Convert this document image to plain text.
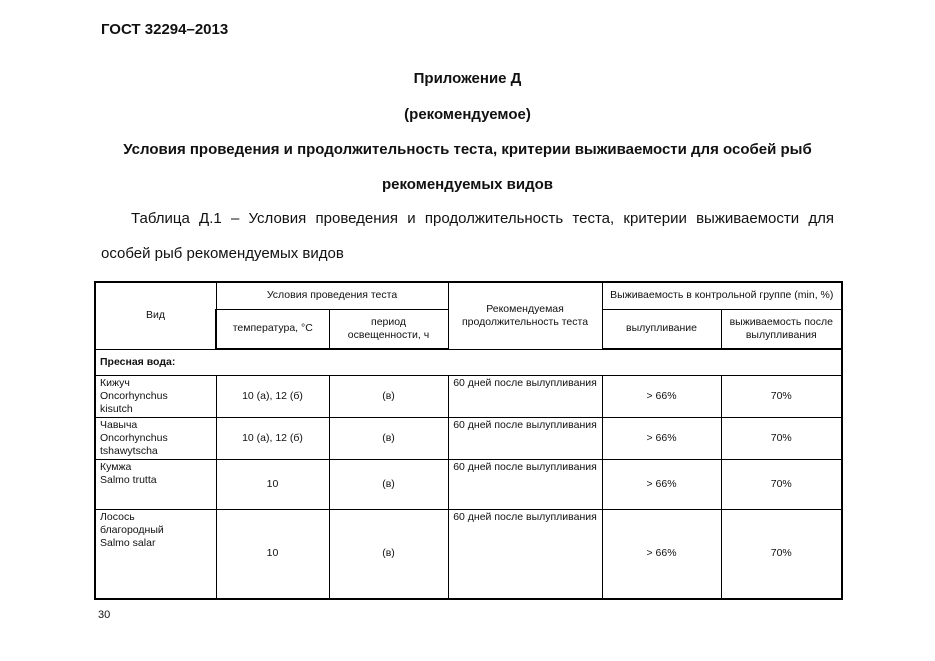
ГОСТ 32294–2013
Приложение Д
(рекомендуемое)
Условия проведения и продолжительность теста, критерии выживаемости для особей рыб
рекомендуемых видов
Таблица Д.1 – Условия проведения и продолжительность теста, критерии выживаемости для
особей рыб рекомендуемых видов
Вид	Условия проведения теста		Рекомендуемая продолжительность теста	Выживаемость в контрольной группе (min, %)	
	температура, °С	период освещенности, ч		вылупливание	выживаемость после вылупливания
Пресная вода:					

Кижуч
Oncorhynchus
kisutch	10 (а), 12 (б)	(в)	60 дней после вылупливания	> 66%	70%

Чавыча
Oncorhynchus
tshawytscha	10 (а), 12 (б)	(в)	60 дней после вылупливания	> 66%	70%

Кумжа
Salmo trutta	10	(в)	60 дней после вылупливания	> 66%	70%

Лосось
благородный
Salmo salar	10	(в)	60 дней после вылупливания	> 66%	70%
30
